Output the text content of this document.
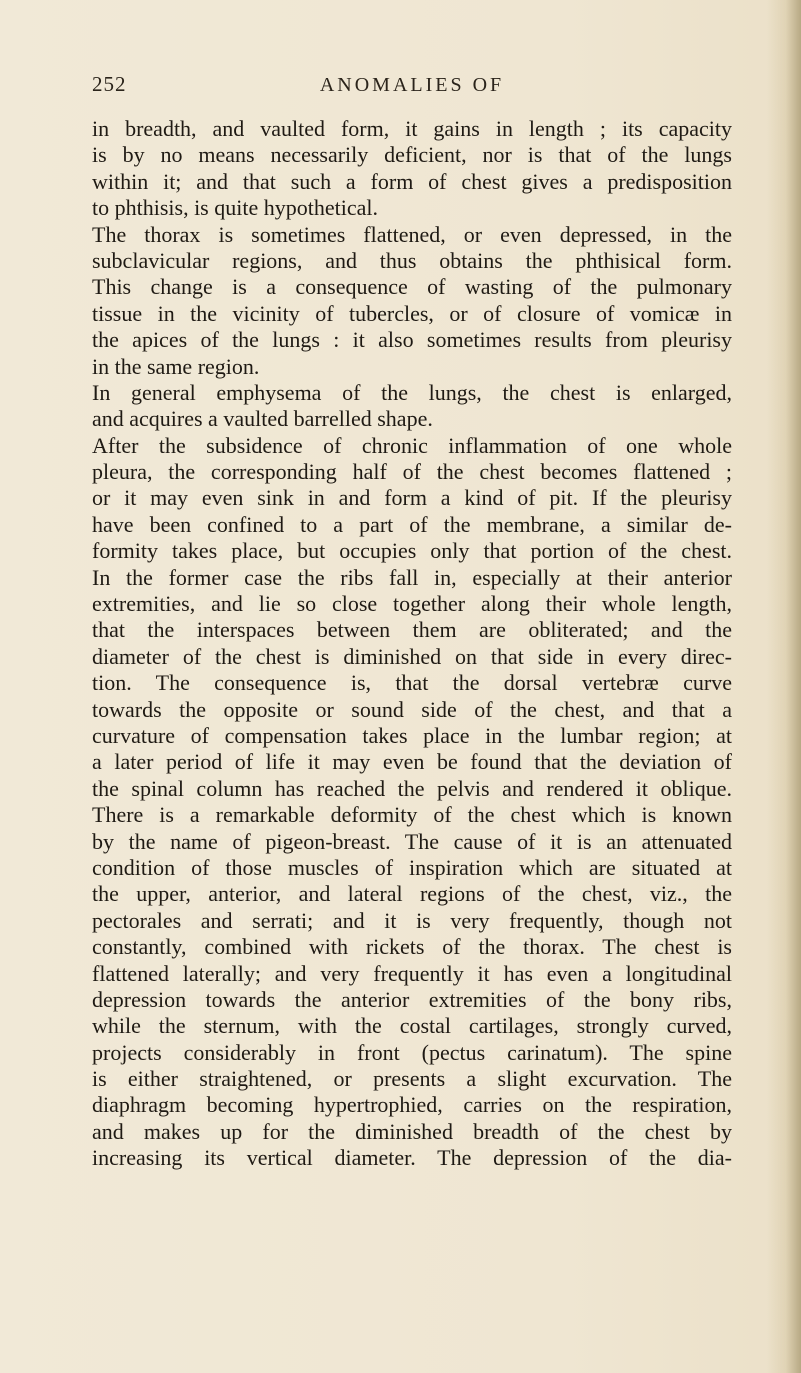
252	ANOMALIES OF
in breadth, and vaulted form, it gains in length ; its capacity
is by no means necessarily deficient, nor is that of the lungs
within it; and that such a form of chest gives a predisposition
to phthisis, is quite hypothetical.
The thorax is sometimes flattened, or even depressed, in the
subclavicular regions, and thus obtains the phthisical form.
This change is a consequence of wasting of the pulmonary
tissue in the vicinity of tubercles, or of closure of vomicæ in
the apices of the lungs : it also sometimes results from pleurisy
in the same region.
In general emphysema of the lungs, the chest is enlarged,
and acquires a vaulted barrelled shape.
After the subsidence of chronic inflammation of one whole
pleura, the corresponding half of the chest becomes flattened ;
or it may even sink in and form a kind of pit. If the pleurisy
have been confined to a part of the membrane, a similar de-
formity takes place, but occupies only that portion of the chest.
In the former case the ribs fall in, especially at their anterior
extremities, and lie so close together along their whole length,
that the interspaces between them are obliterated; and the
diameter of the chest is diminished on that side in every direc-
tion. The consequence is, that the dorsal vertebræ curve
towards the opposite or sound side of the chest, and that a
curvature of compensation takes place in the lumbar region; at
a later period of life it may even be found that the deviation of
the spinal column has reached the pelvis and rendered it oblique.
There is a remarkable deformity of the chest which is known
by the name of pigeon-breast. The cause of it is an attenuated
condition of those muscles of inspiration which are situated at
the upper, anterior, and lateral regions of the chest, viz., the
pectorales and serrati; and it is very frequently, though not
constantly, combined with rickets of the thorax. The chest is
flattened laterally; and very frequently it has even a longitudinal
depression towards the anterior extremities of the bony ribs,
while the sternum, with the costal cartilages, strongly curved,
projects considerably in front (pectus carinatum). The spine
is either straightened, or presents a slight excurvation. The
diaphragm becoming hypertrophied, carries on the respiration,
and makes up for the diminished breadth of the chest by
increasing its vertical diameter. The depression of the dia-
